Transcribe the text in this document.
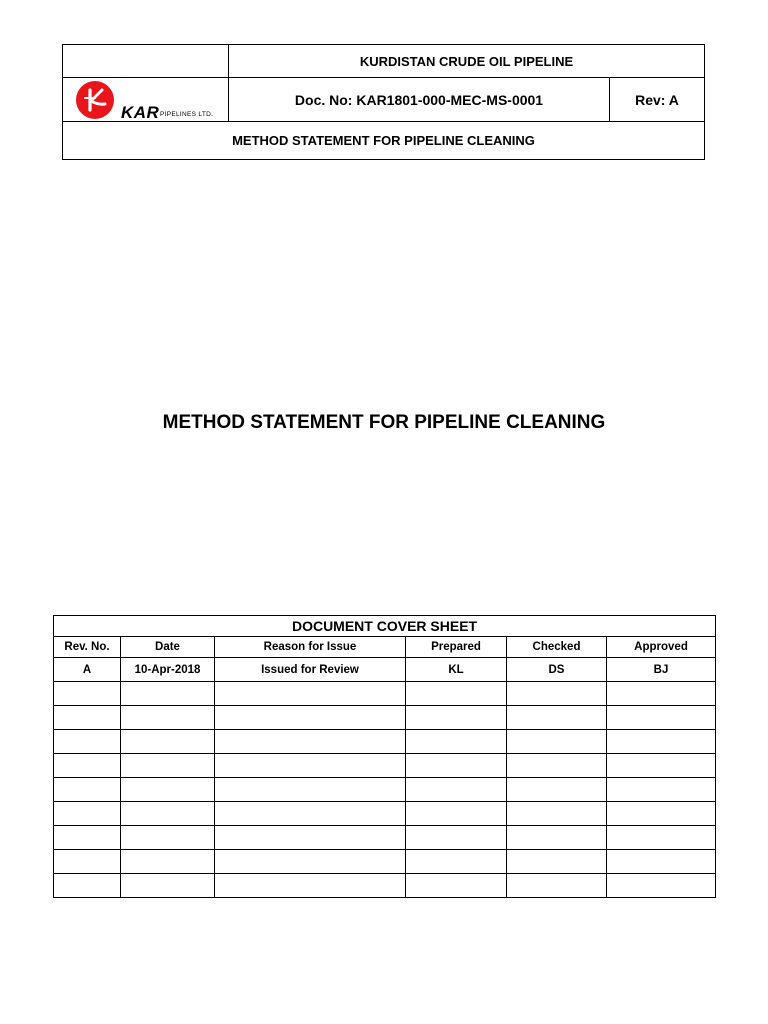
KAR PIPELINES LTD.
KURDISTAN CRUDE OIL PIPELINE
Doc. No: KAR1801-000-MEC-MS-0001	Rev: A
METHOD STATEMENT FOR PIPELINE CLEANING
METHOD STATEMENT FOR PIPELINE CLEANING
DOCUMENT COVER SHEET					
Rev. No.	Date	Reason for Issue	Prepared	Checked	Approved
A	10-Apr-2018	Issued for Review	KL	DS	BJ
